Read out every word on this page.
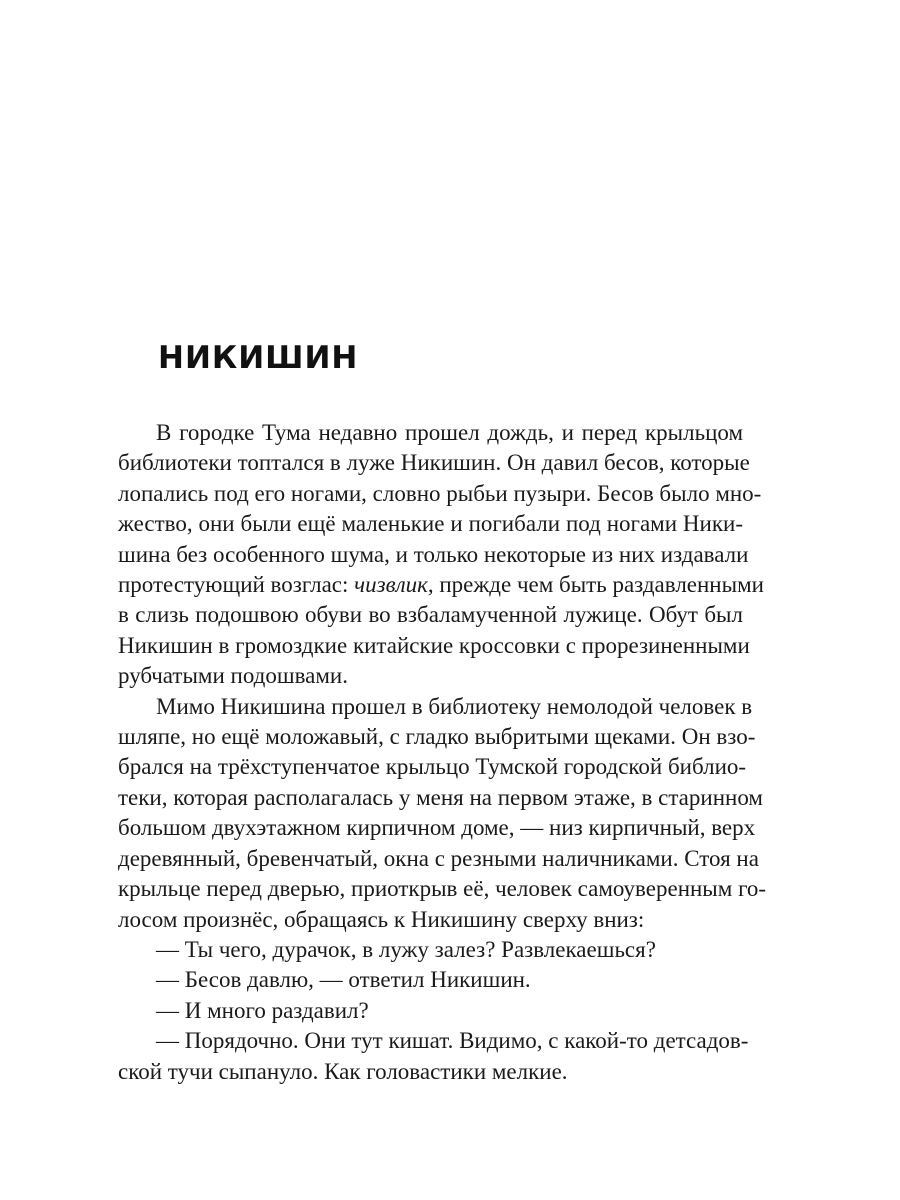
НИКИШИН
В городке Тума недавно прошел дождь, и перед крыльцом
библиотеки топтался в луже Никишин. Он давил бесов, которые
лопались под его ногами, словно рыбьи пузыри. Бесов было мно-
жество, они были ещё маленькие и погибали под ногами Ники-
шина без особенного шума, и только некоторые из них издавали
протестующий возглас: чизвлик, прежде чем быть раздавленными
в слизь подошвою обуви во взбаламученной лужице. Обут был
Никишин в громоздкие китайские кроссовки с прорезиненными
рубчатыми подошвами.
Мимо Никишина прошел в библиотеку немолодой человек в
шляпе, но ещё моложавый, с гладко выбритыми щеками. Он взо-
брался на трёхступенчатое крыльцо Тумской городской библио-
теки, которая располагалась у меня на первом этаже, в старинном
большом двухэтажном кирпичном доме, — низ кирпичный, верх
деревянный, бревенчатый, окна с резными наличниками. Стоя на
крыльце перед дверью, приоткрыв её, человек самоуверенным го-
лосом произнёс, обращаясь к Никишину сверху вниз:
— Ты чего, дурачок, в лужу залез? Развлекаешься?
— Бесов давлю, — ответил Никишин.
— И много раздавил?
— Порядочно. Они тут кишат. Видимо, с какой-то детсадов-
ской тучи сыпануло. Как головастики мелкие.
